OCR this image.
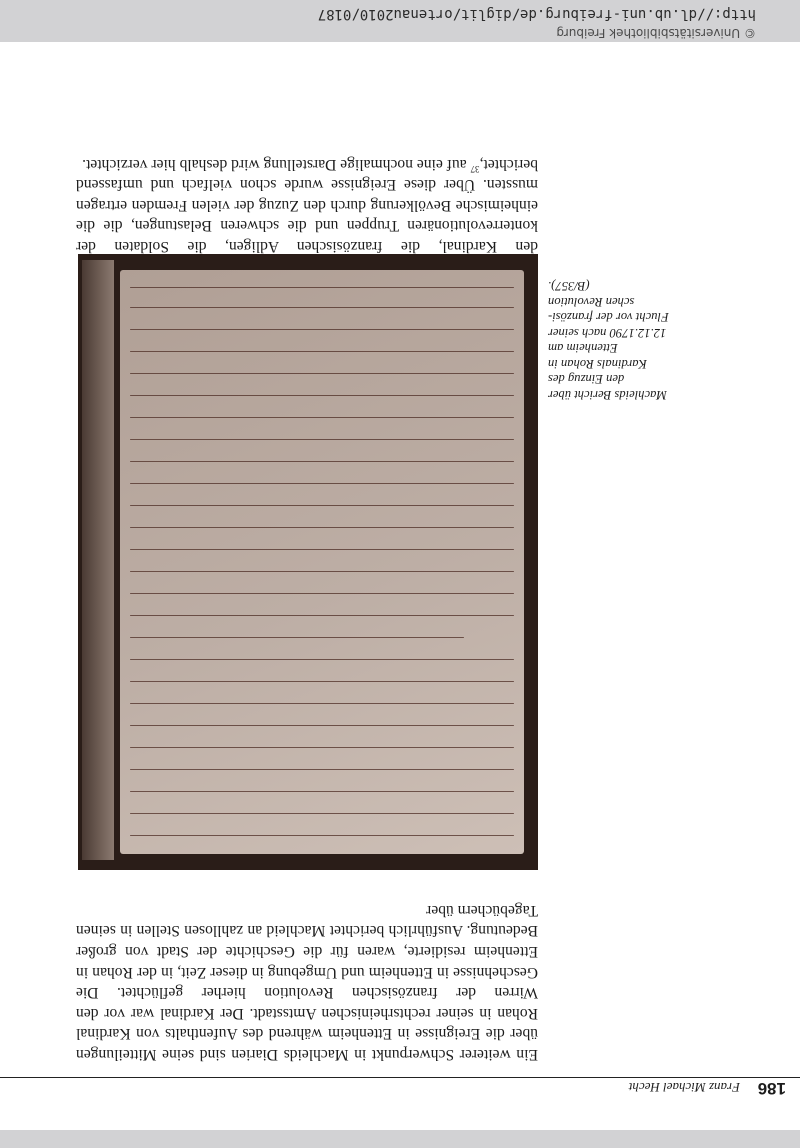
© Universitätsbibliothek Freiburg
http://dl.ub.uni-freiburg.de/diglit/ortenau2010/0187
186
Franz Michael Hecht

Ein weiterer Schwerpunkt in Machleids Diarien sind seine Mitteilungen über die Ereignisse in Ettenheim während des Aufenthalts von Kardinal Rohan in seiner rechtsrheinischen Amtsstadt. Der Kardinal war vor den Wirren der französischen Revolution hierher geflüchtet. Die Geschehnisse in Ettenheim und Umgebung in dieser Zeit, in der Rohan in Ettenheim residierte, waren für die Geschichte der Stadt von großer Bedeutung. Ausführlich berichtet Machleid an zahllosen Stellen in seinen Tagebüchern über

Machleids Bericht über
den Einzug des
Kardinals Rohan in
Ettenheim am
12.12.1790 nach seiner
Flucht vor der französi-
schen Revolution
(B/357).

den Kardinal, die französischen Adligen, die Soldaten der konterrevolutionären Truppen und die schweren Belastungen, die die einheimische Bevölkerung durch den Zuzug der vielen Fremden ertragen mussten. Über diese Ereignisse wurde schon vielfach und umfassend berichtet,$^{37}$ auf eine nochmalige Darstellung wird deshalb hier verzichtet.
